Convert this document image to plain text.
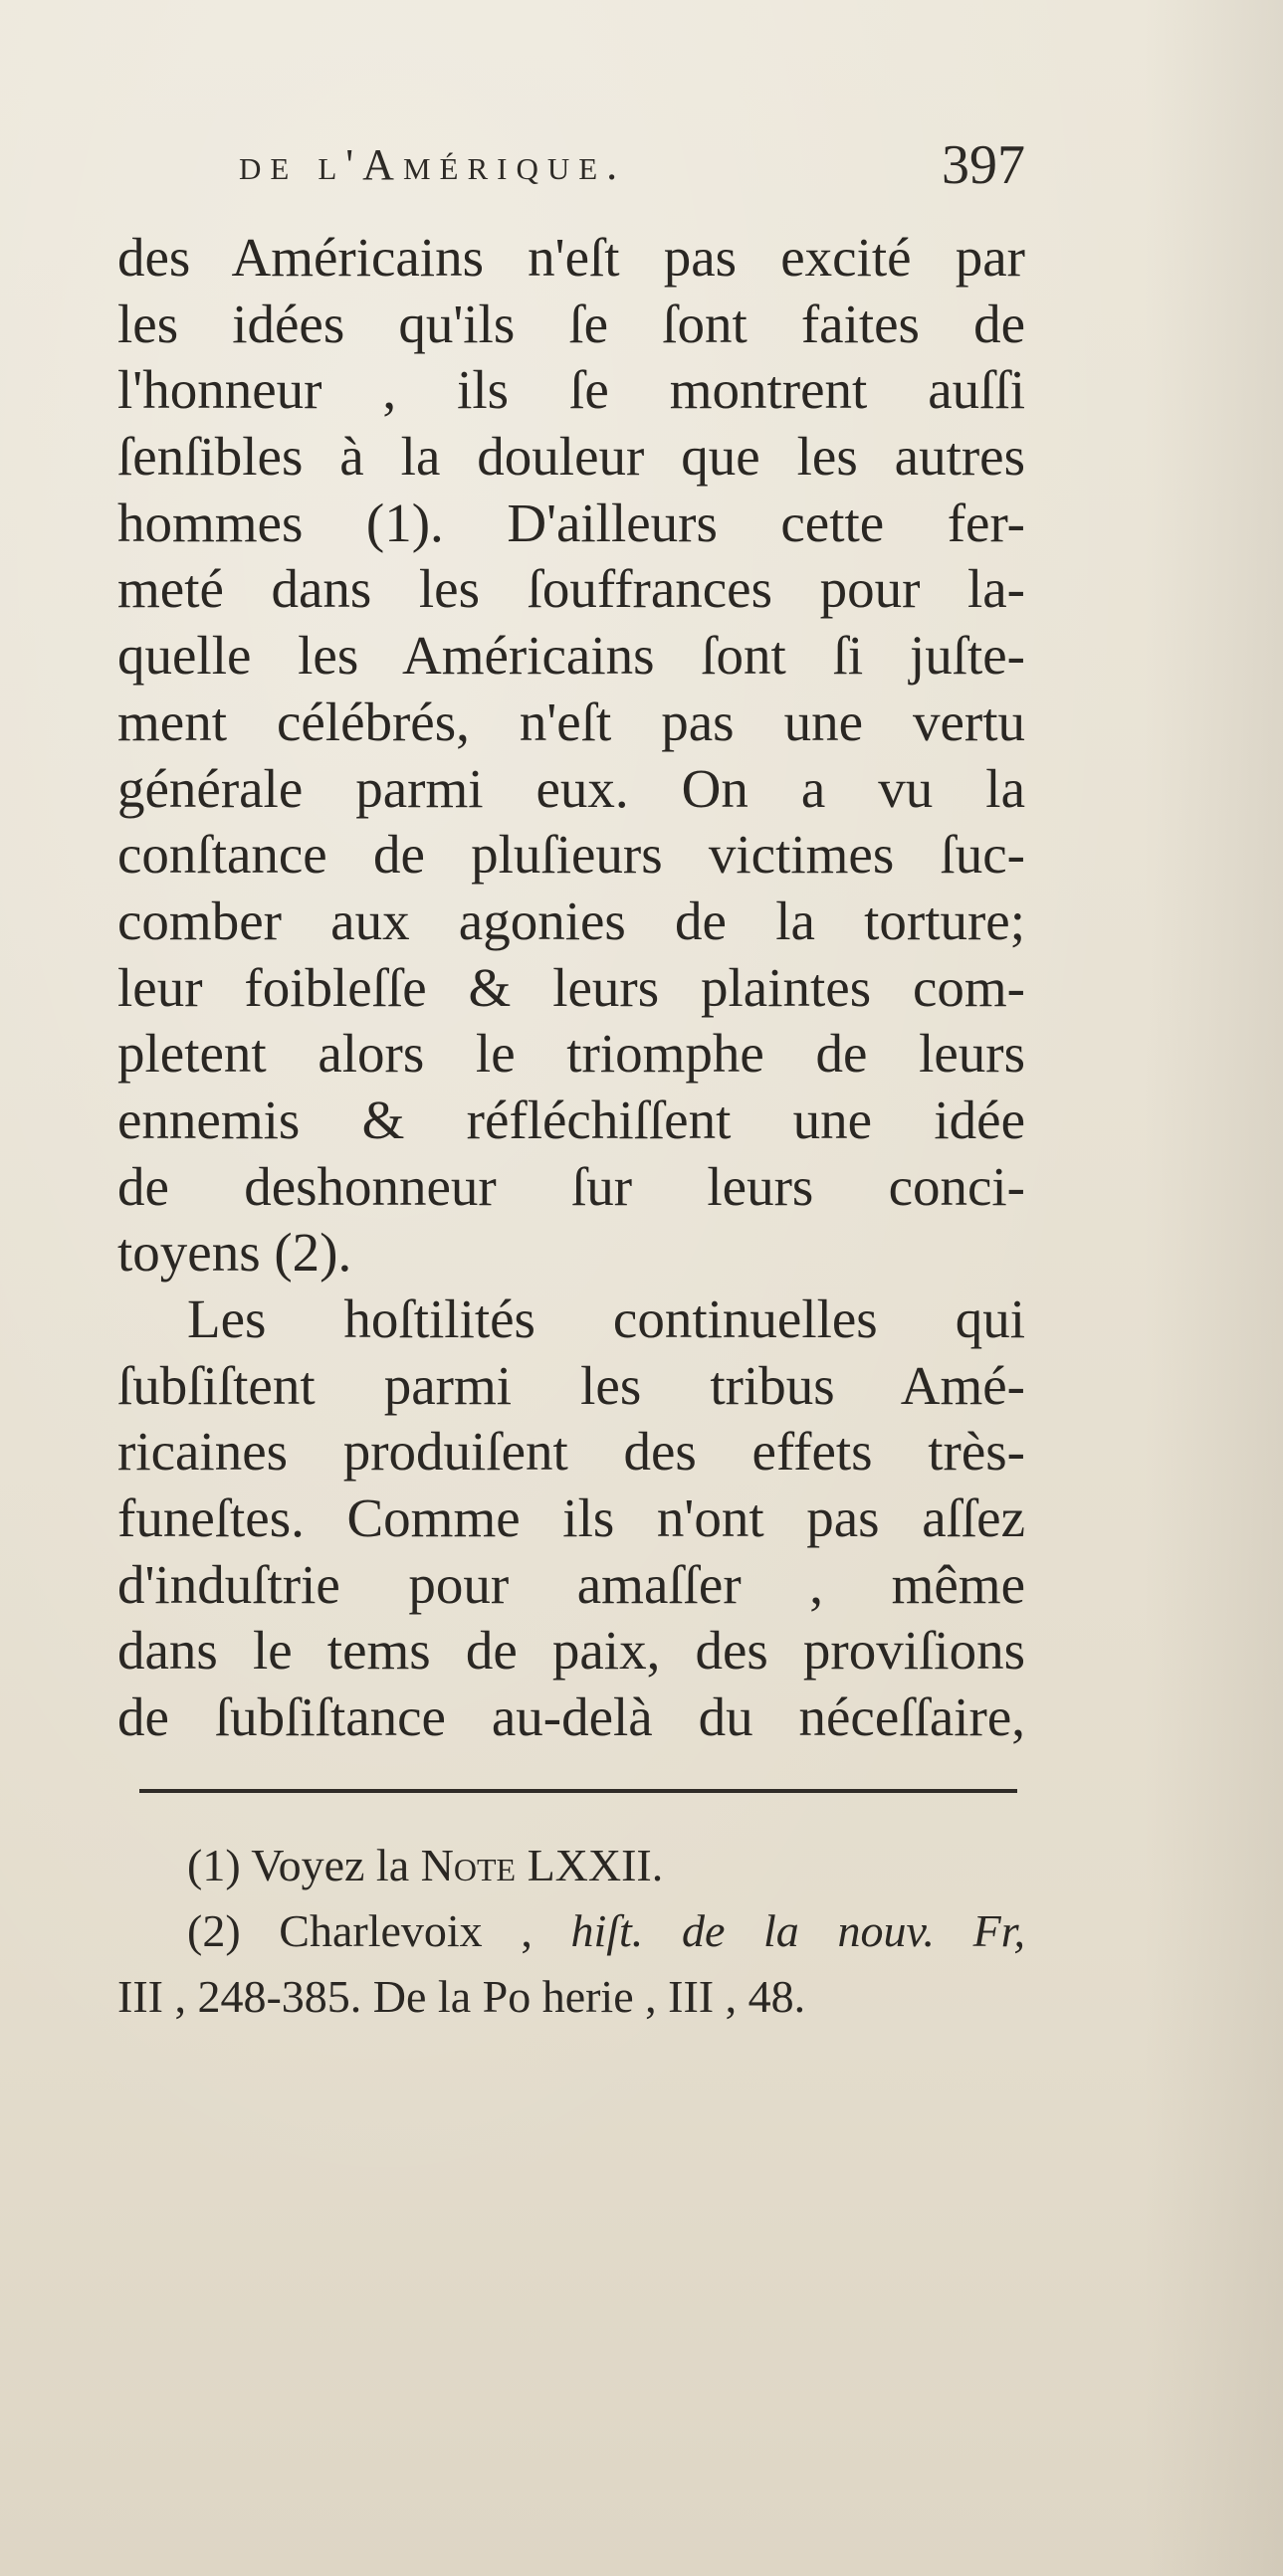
de l'Amérique.	397
des Américains n'eſt pas excité par
les idées qu'ils ſe ſont faites de
l'honneur , ils ſe montrent auſſi
ſenſibles à la douleur que les autres
hommes (1). D'ailleurs cette fer-
meté dans les ſouffrances pour la-
quelle les Américains ſont ſi juſte-
ment célébrés, n'eſt pas une vertu
générale parmi eux. On a vu la
conſtance de pluſieurs victimes ſuc-
comber aux agonies de la torture;
leur foibleſſe & leurs plaintes com-
pletent alors le triomphe de leurs
ennemis & réfléchiſſent une idée
de deshonneur ſur leurs conci-
toyens (2).
Les hoſtilités continuelles qui
ſubſiſtent parmi les tribus Amé-
ricaines produiſent des effets très-
funeſtes. Comme ils n'ont pas aſſez
d'induſtrie pour amaſſer , même
dans le tems de paix, des proviſions
de ſubſiſtance au-delà du néceſſaire,
(1) Voyez la Note LXXII.
(2) Charlevoix , hiſt. de la nouv. Fr,
III , 248-385. De la Po herie , III , 48.
